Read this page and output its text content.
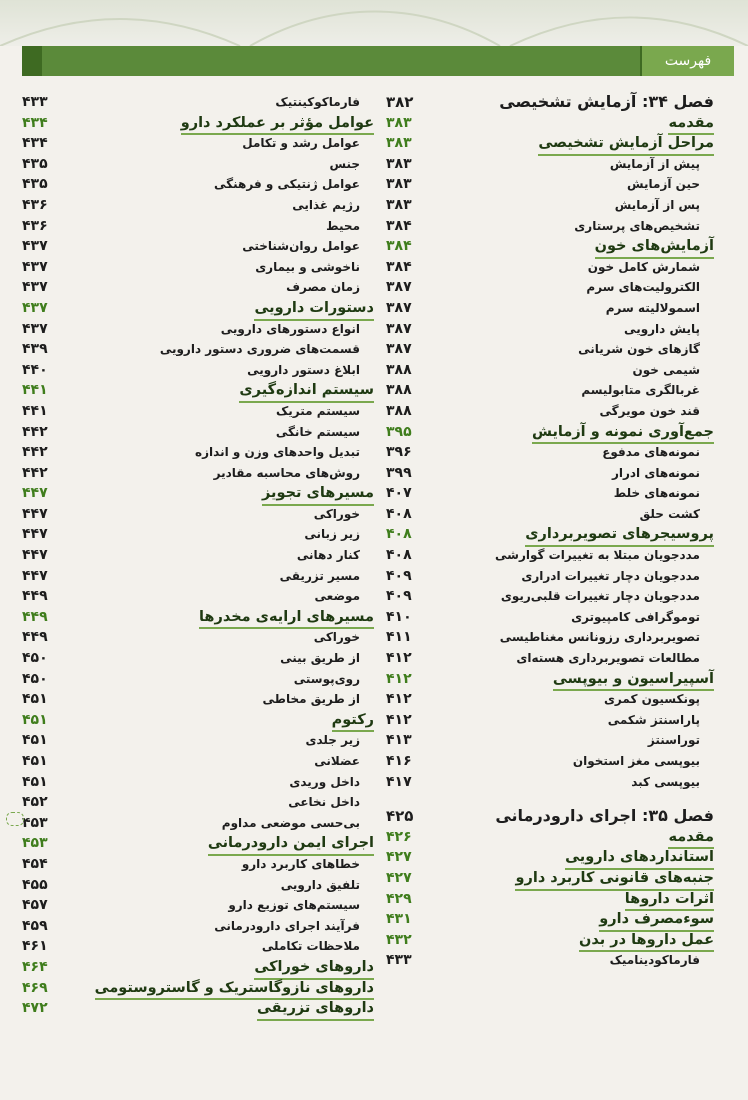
فهرست
فصل ۳۴: آزمایش تشخیصی
۳۸۲
مقدمه
۳۸۳
مراحل آزمایش تشخیصی
۳۸۳
پیش از آزمایش
۳۸۳
حین آزمایش
۳۸۳
پس از آزمایش
۳۸۳
تشخیص‌های پرستاری
۳۸۴
آزمایش‌های خون
۳۸۴
شمارش کامل خون
۳۸۴
الکترولیت‌های سرم
۳۸۷
اسمولالیته سرم
۳۸۷
پایش دارویی
۳۸۷
گازهای خون شریانی
۳۸۷
شیمی خون
۳۸۸
غربالگری متابولیسم
۳۸۸
قند خون مویرگی
۳۸۸
جمع‌آوری نمونه و آزمایش
۳۹۵
نمونه‌های مدفوع
۳۹۶
نمونه‌های ادرار
۳۹۹
نمونه‌های خلط
۴۰۷
کشت حلق
۴۰۸
پروسیجرهای تصویربرداری
۴۰۸
مددجویان مبتلا به تغییرات گوارشی
۴۰۸
مددجویان دچار تغییرات ادراری
۴۰۹
مددجویان دچار تغییرات قلبی‌ریوی
۴۰۹
توموگرافی کامپیوتری
۴۱۰
تصویربرداری رزونانس مغناطیسی
۴۱۱
مطالعات تصویربرداری هسته‌ای
۴۱۲
آسپیراسیون و بیوپسی
۴۱۲
پونکسیون کمری
۴۱۲
پاراسنتز شکمی
۴۱۲
توراسنتز
۴۱۳
بیوپسی مغز استخوان
۴۱۶
بیوپسی کبد
۴۱۷
فصل ۳۵: اجرای دارودرمانی
۴۲۵
مقدمه
۴۲۶
استانداردهای دارویی
۴۲۷
جنبه‌های قانونی کاربرد دارو
۴۲۷
اثرات داروها
۴۲۹
سوء‌مصرف دارو
۴۳۱
عمل داروها در بدن
۴۳۲
فارماکودینامیک
۴۳۳
فارماکوکینتیک
۴۳۳
عوامل مؤثر بر عملکرد دارو
۴۳۴
عوامل رشد و تکامل
۴۳۴
جنس
۴۳۵
عوامل ژنتیکی و فرهنگی
۴۳۵
رژیم غذایی
۴۳۶
محیط
۴۳۶
عوامل روان‌شناختی
۴۳۷
ناخوشی و بیماری
۴۳۷
زمان مصرف
۴۳۷
دستورات دارویی
۴۳۷
انواع دستورهای دارویی
۴۳۷
قسمت‌های ضروری دستور دارویی
۴۳۹
ابلاغ دستور دارویی
۴۴۰
سیستم اندازه‌گیری
۴۴۱
سیستم متریک
۴۴۱
سیستم خانگی
۴۴۲
تبدیل واحدهای وزن و اندازه
۴۴۲
روش‌های محاسبه مقادیر
۴۴۲
مسیرهای تجویز
۴۴۷
خوراکی
۴۴۷
زیر زبانی
۴۴۷
کنار دهانی
۴۴۷
مسیر تزریقی
۴۴۷
موضعی
۴۴۹
مسیرهای ارایه‌ی مخدرها
۴۴۹
خوراکی
۴۴۹
از طریق بینی
۴۵۰
روی‌پوستی
۴۵۰
از طریق مخاطی
۴۵۱
رکتوم
۴۵۱
زیر جلدی
۴۵۱
عضلانی
۴۵۱
داخل وریدی
۴۵۱
داخل نخاعی
۴۵۲
بی‌حسی موضعی مداوم
۴۵۳
اجرای ایمن دارودرمانی
۴۵۳
خطاهای کاربرد دارو
۴۵۴
تلفیق دارویی
۴۵۵
سیستم‌های توزیع دارو
۴۵۷
فرآیند اجرای دارودرمانی
۴۵۹
ملاحظات تکاملی
۴۶۱
داروهای خوراکی
۴۶۴
داروهای نازوگاستریک و گاستروستومی
۴۶۹
داروهای تزریقی
۴۷۲
